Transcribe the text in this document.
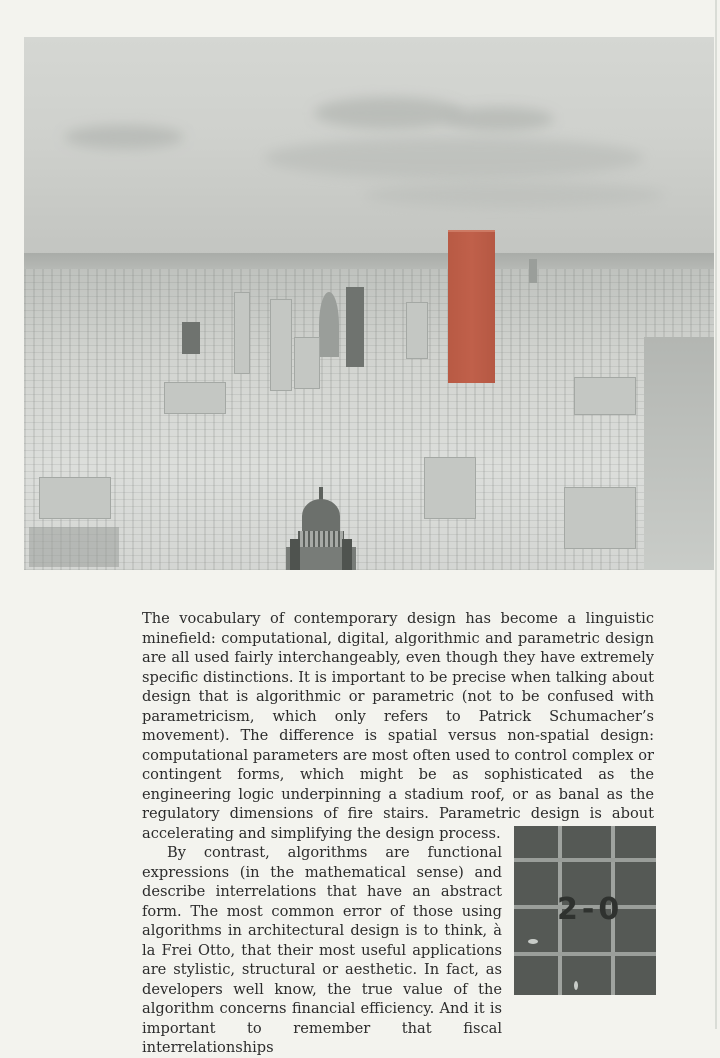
The vocabulary of contemporary design has become a linguistic minefield: computational, digital, algorithmic and parametric design are all used fairly interchangeably, even though they have extremely specific distinctions. It is important to be precise when talking about design that is algorithmic or parametric (not to be confused with parametricism, which only refers to Patrick Schumacher’s movement). The difference is spatial versus non-spatial design: computational parameters are most often used to control complex or contingent forms, which might be as sophisticated as the engineering logic underpinning a stadium roof, or as banal as the regulatory dimensions of fire stairs. Parametric design is about accelerating and simplifying the design process.

By contrast, algorithms are functional expressions (in the mathematical sense) and describe interrelations that have an abstract form. The most common error of those using algorithms in architectural design is to think, à la Frei Otto, that their most useful applications are stylistic, structural or aesthetic. In fact, as developers well know, the true value of the algorithm concerns financial efficiency. And it is important to remember that fiscal interrelationships

2-0
